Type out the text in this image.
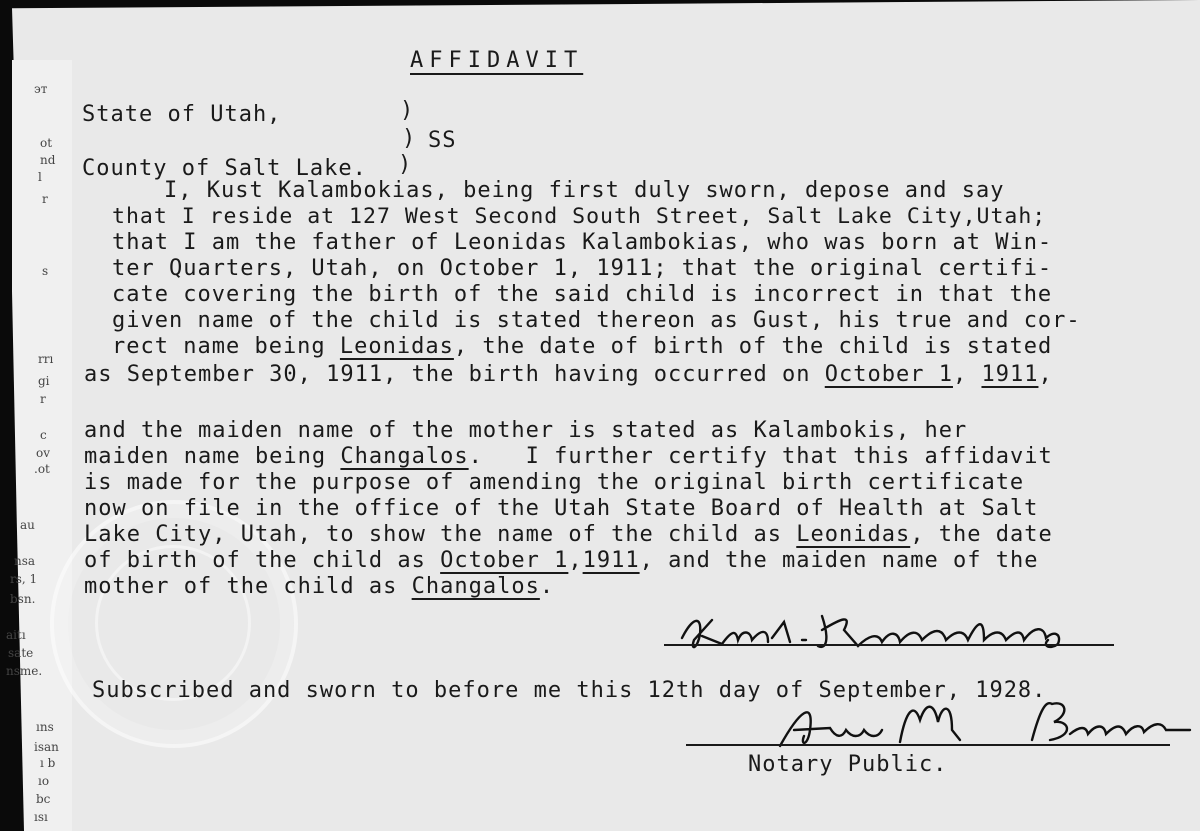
эт
ot
nd
l
r
s
rrı
gi
r
c
ov
.ot
au
nsa
rs, 1
bsn.
aitı
sate
nsme.
ıns
isan
ı b
ıo
bc
ısı
AFFIDAVIT
State of Utah,	)
) SS
County of Salt Lake. )
I, Kust Kalambokias, being first duly sworn, depose and say
that I reside at 127 West Second South Street, Salt Lake City,Utah;
that I am the father of Leonidas Kalambokias, who was born at Win-
ter Quarters, Utah, on October 1, 1911; that the original certifi-
cate covering the birth of the said child is incorrect in that the
given name of the child is stated thereon as Gust, his true and cor-
rect name being Leonidas, the date of birth of the child is stated
as September 30, 1911, the birth having occurred on October 1, 1911,
and the maiden name of the mother is stated as Kalambokis, her
maiden name being Changalos.   I further certify that this affidavit
is made for the purpose of amending the original birth certificate
now on file in the office of the Utah State Board of Health at Salt
Lake City, Utah, to show the name of the child as Leonidas, the date
of birth of the child as October 1,1911, and the maiden name of the
mother of the child as Changalos.
Subscribed and sworn to before me this 12th day of September, 1928.
Notary Public.
